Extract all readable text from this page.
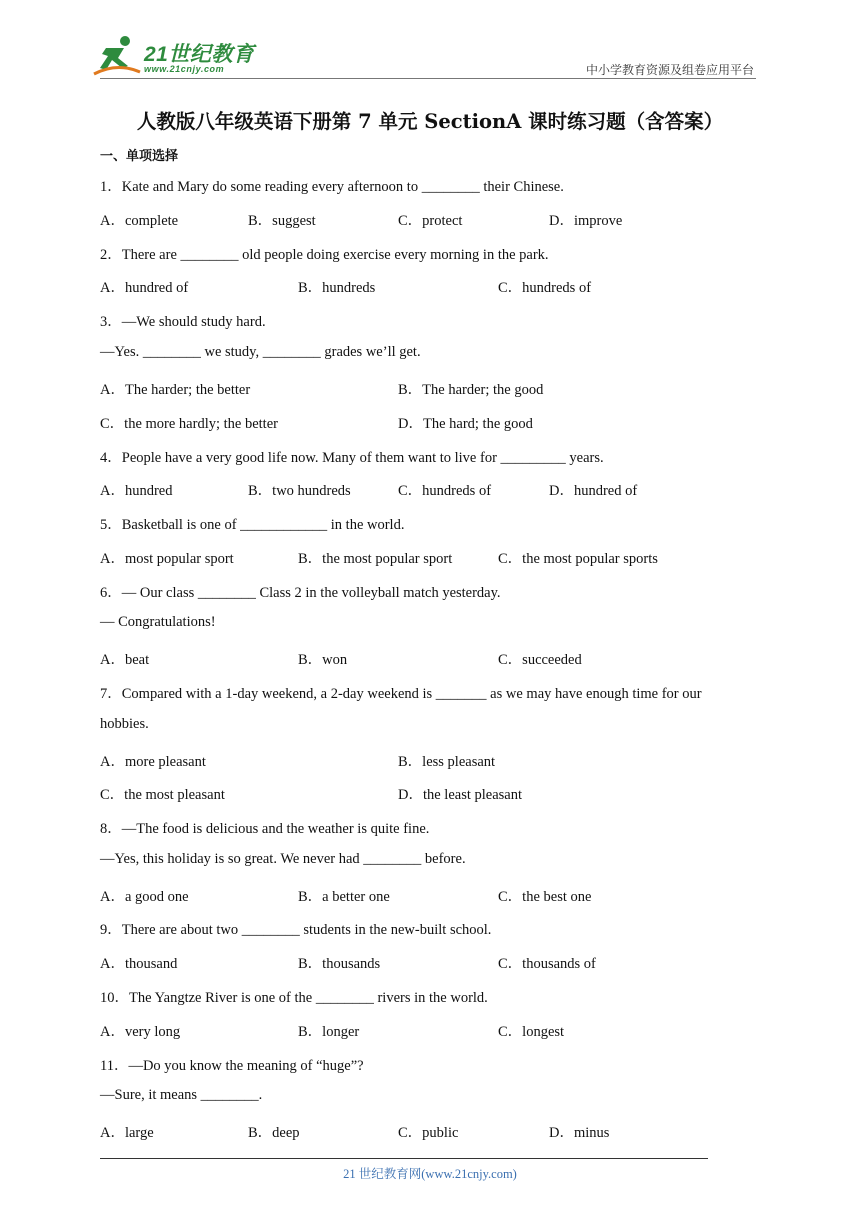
21世纪教育
www.21cnjy.com	中小学教育资源及组卷应用平台
人教版八年级英语下册第 7 单元 SectionA 课时练习题（含答案）
一、单项选择
1．Kate and Mary do some reading every afternoon to ________ their Chinese.
A．complete	B．suggest	C．protect	D．improve
2．There are ________ old people doing exercise every morning in the park.
A．hundred of	B．hundreds	C．hundreds of
3．—We should study hard.
—Yes. ________ we study, ________ grades we’ll get.
A．The harder; the better	B．The harder; the good
C．the more hardly; the better	D．The hard; the good
4．People have a very good life now. Many of them want to live for _________ years.
A．hundred	B．two hundreds	C．hundreds of	D．hundred of
5．Basketball is one of ____________ in the world.
A．most popular sport	B．the most popular sport	C．the most popular sports
6．— Our class ________ Class 2 in the volleyball match yesterday.
— Congratulations!
A．beat	B．won	C．succeeded
7．Compared with a 1-day weekend, a 2-day weekend is _______ as we may have enough time for our
hobbies.
A．more pleasant	B．less pleasant
C．the most pleasant	D．the least pleasant
8．—The food is delicious and the weather is quite fine.
—Yes, this holiday is so great. We never had ________ before.
A．a good one	B．a better one	C．the best one
9．There are about two ________ students in the new-built school.
A．thousand	B．thousands	C．thousands of
10．The Yangtze River is one of the ________ rivers in the world.
A．very long	B．longer	C．longest
11．—Do you know the meaning of “huge”?
—Sure, it means ________.
A．large	B．deep	C．public	D．minus
21 世纪教育网(www.21cnjy.com)
